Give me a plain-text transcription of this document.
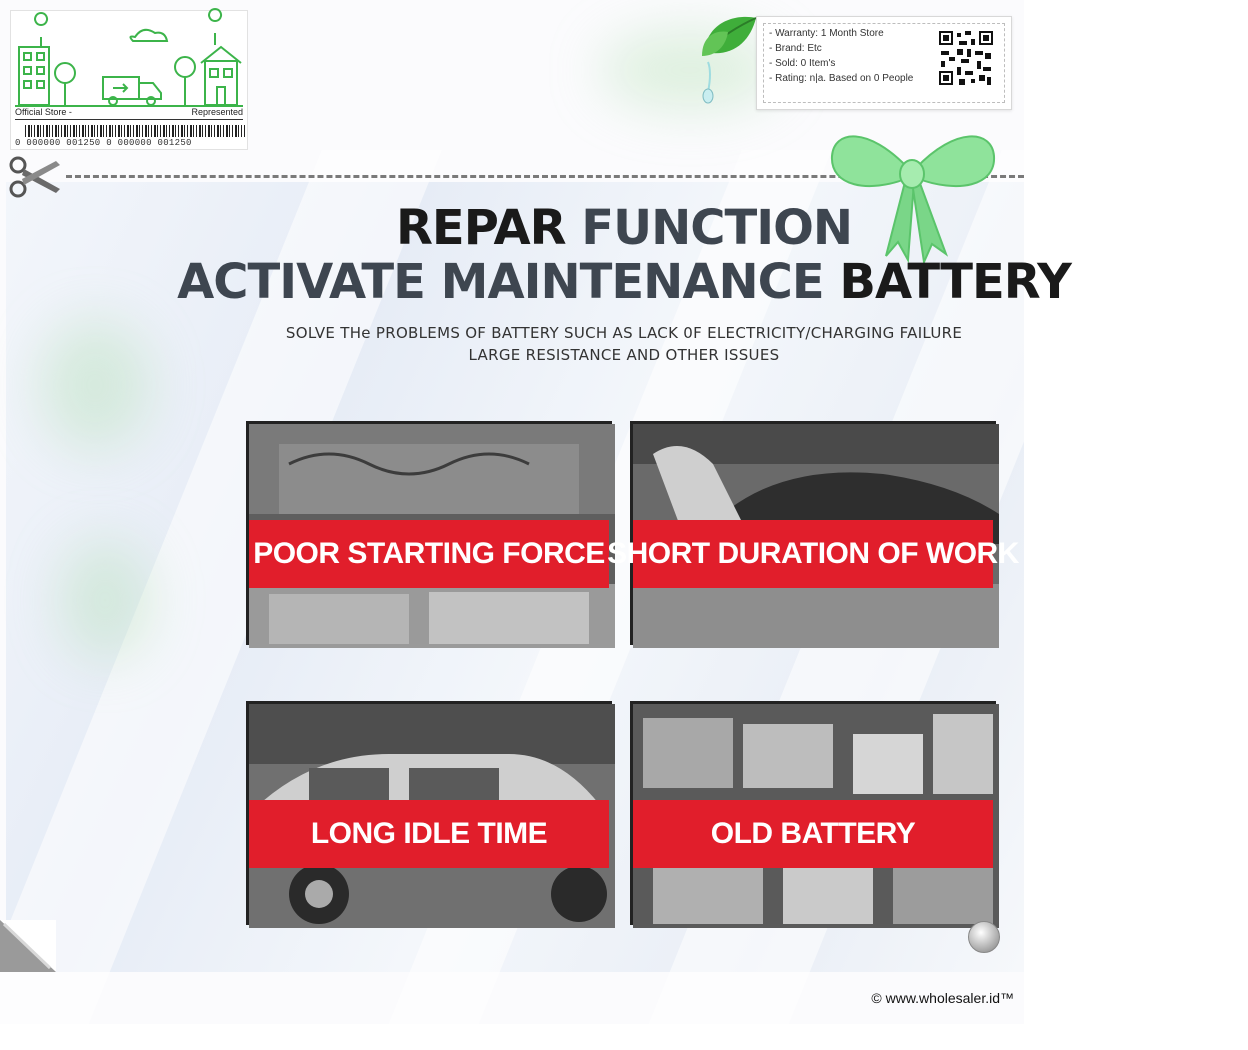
Official Store -	Represented
0 000000 001250 0 000000 001250
- Warranty: 1 Month Store
- Brand: Etc
- Sold: 0 Item's
- Rating: n|a. Based on 0 People
REPAR FUNCTION
ACTIVATE MAINTENANCE BATTERY
SOLVE THe PROBLEMS OF BATTERY SUCH AS LACK 0F ELECTRICITY/CHARGING FAILURE
LARGE RESISTANCE AND OTHER ISSUES
POOR STARTING FORCE SHORT DURATION OF WORK
LONG IDLE TIME	OLD BATTERY
© www.wholesaler.id™
